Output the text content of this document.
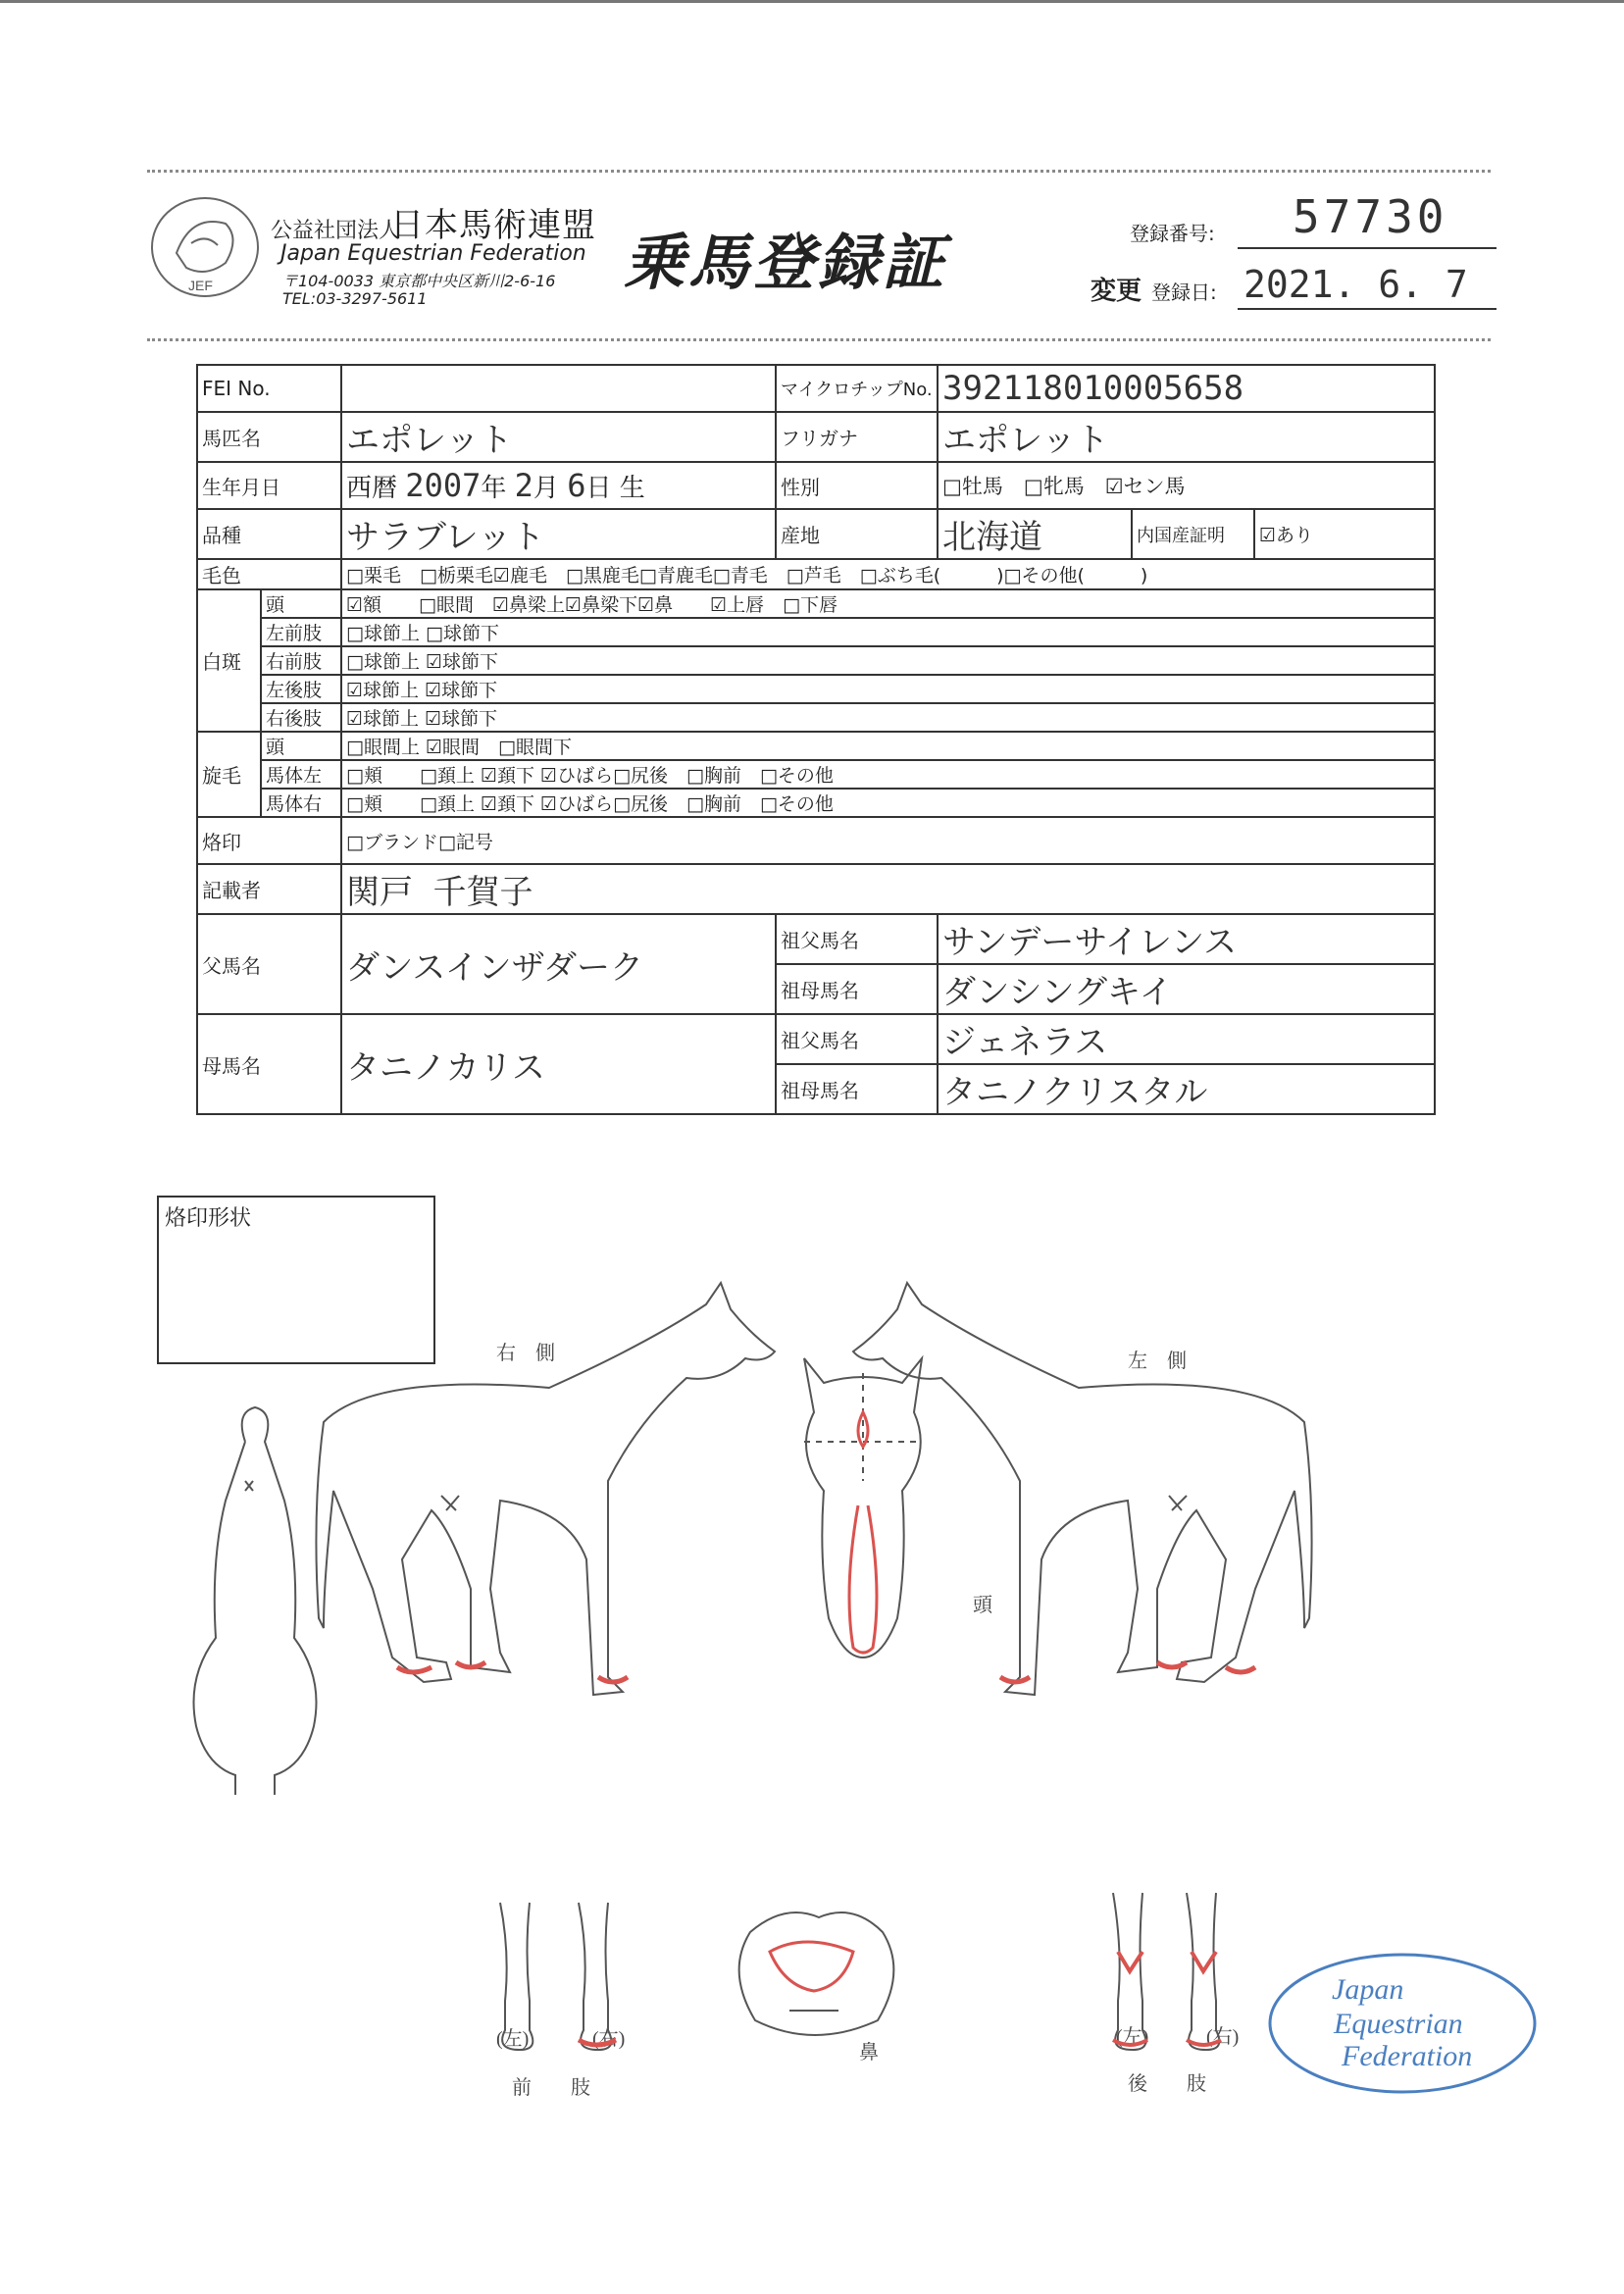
JEF
公益社団法人
日本馬術連盟
Japan Equestrian Federation
〒104-0033 東京都中央区新川2-6-16
TEL:03-3297-5611
乗馬登録証	登録番号: 57730
変更 登録日: 2021. 6. 7
FEI No.			マイクロチップNo.	392118010005658		
馬匹名		エポレット	フリガナ	エポレット		
生年月日		西暦 2007年 2月 6日 生	性別	□牡馬　□牝馬　☑セン馬		
品種		サラブレット	産地	北海道	内国産証明	☑あり
毛色		□栗毛　□栃栗毛☑鹿毛　□黒鹿毛□青鹿毛□青毛　□芦毛　□ぶち毛(　　　)□その他(　　　)				
白斑	頭	☑額　　□眼間　☑鼻梁上☑鼻梁下☑鼻　　☑上唇　□下唇				
	左前肢	□球節上 □球節下				
	右前肢	□球節上 ☑球節下				
	左後肢	☑球節上 ☑球節下				
	右後肢	☑球節上 ☑球節下				
旋毛	頭	□眼間上 ☑眼間　□眼間下				
	馬体左	□頬　　□頚上 ☑頚下 ☑ひばら□尻後　□胸前　□その他				
	馬体右	□頬　　□頚上 ☑頚下 ☑ひばら□尻後　□胸前　□その他				
烙印		□ブランド□記号				
記載者		関戸 千賀子				
父馬名		ダンスインザダーク	祖父馬名	サンデーサイレンス		
			祖母馬名	ダンシングキイ		
母馬名		タニノカリス	祖父馬名	ジェネラス		
			祖母馬名	タニノクリスタル		
烙印形状
右　側	左　側
頭
鼻
(左)	(右)
前　　肢
(左)	(右)
後　　肢
Japan
Equestrian
Federation
